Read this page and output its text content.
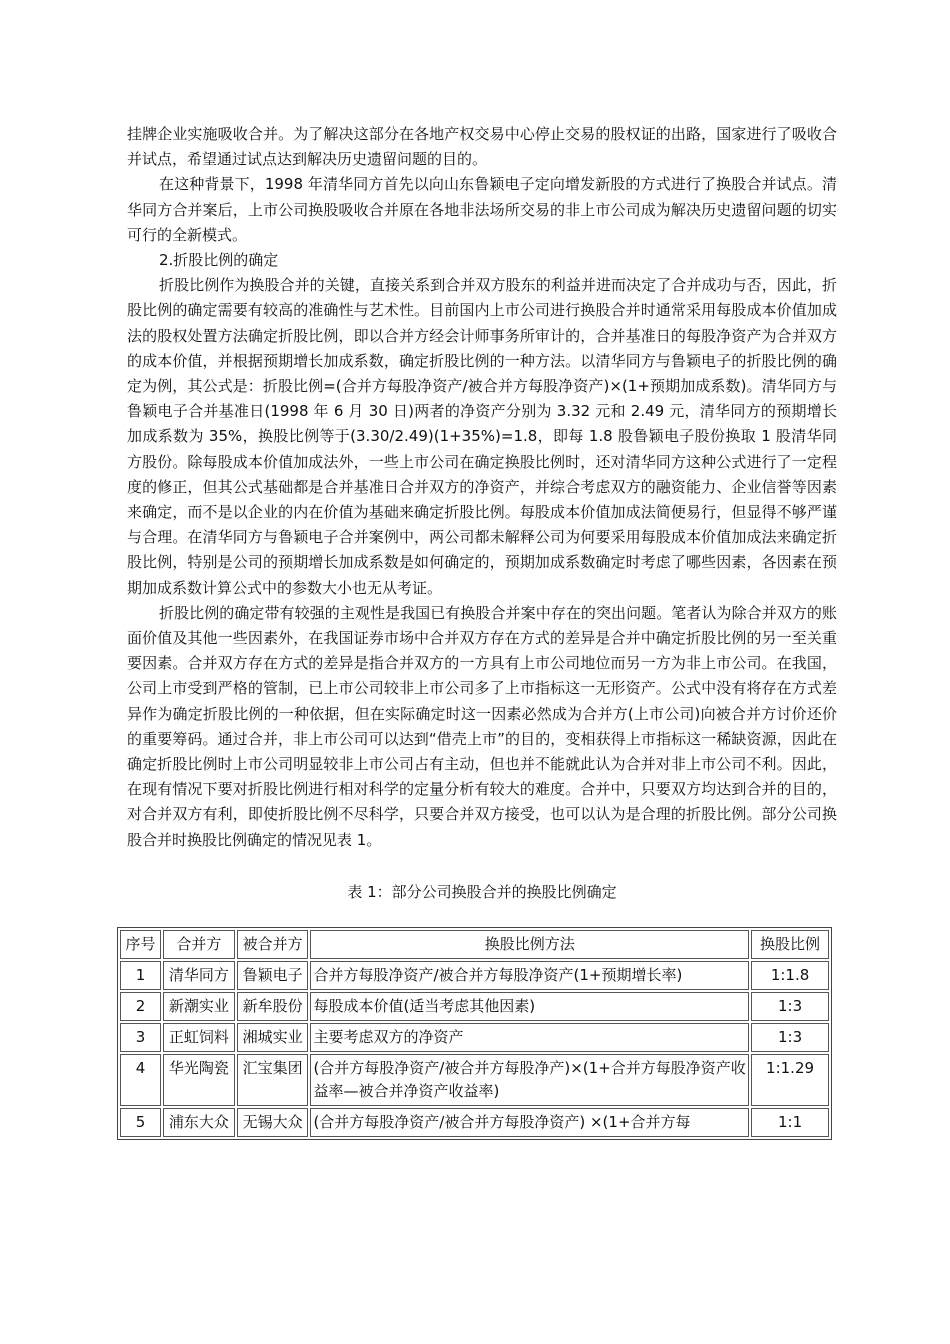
挂牌企业实施吸收合并。为了解决这部分在各地产权交易中心停止交易的股权证的出路，国家进行了吸收合并试点，希望通过试点达到解决历史遗留问题的目的。

在这种背景下，1998 年清华同方首先以向山东鲁颖电子定向增发新股的方式进行了换股合并试点。清华同方合并案后，上市公司换股吸收合并原在各地非法场所交易的非上市公司成为解决历史遗留问题的切实可行的全新模式。

2.折股比例的确定

折股比例作为换股合并的关键，直接关系到合并双方股东的利益并进而决定了合并成功与否，因此，折股比例的确定需要有较高的准确性与艺术性。目前国内上市公司进行换股合并时通常采用每股成本价值加成法的股权处置方法确定折股比例，即以合并方经会计师事务所审计的，合并基准日的每股净资产为合并双方的成本价值，并根据预期增长加成系数，确定折股比例的一种方法。以清华同方与鲁颖电子的折股比例的确定为例，其公式是：折股比例=(合并方每股净资产/被合并方每股净资产)×(1+预期加成系数)。清华同方与鲁颖电子合并基准日(1998 年 6 月 30 日)两者的净资产分别为 3.32 元和 2.49 元，清华同方的预期增长加成系数为 35%，换股比例等于(3.30/2.49)(1+35%)=1.8，即每 1.8 股鲁颖电子股份换取 1 股清华同方股份。除每股成本价值加成法外，一些上市公司在确定换股比例时，还对清华同方这种公式进行了一定程度的修正，但其公式基础都是合并基准日合并双方的净资产，并综合考虑双方的融资能力、企业信誉等因素来确定，而不是以企业的内在价值为基础来确定折股比例。每股成本价值加成法简便易行，但显得不够严谨与合理。在清华同方与鲁颖电子合并案例中，两公司都未解释公司为何要采用每股成本价值加成法来确定折股比例，特别是公司的预期增长加成系数是如何确定的，预期加成系数确定时考虑了哪些因素，各因素在预期加成系数计算公式中的参数大小也无从考证。

折股比例的确定带有较强的主观性是我国已有换股合并案中存在的突出问题。笔者认为除合并双方的账面价值及其他一些因素外，在我国证券市场中合并双方存在方式的差异是合并中确定折股比例的另一至关重要因素。合并双方存在方式的差异是指合并双方的一方具有上市公司地位而另一方为非上市公司。在我国，公司上市受到严格的管制，已上市公司较非上市公司多了上市指标这一无形资产。公式中没有将存在方式差异作为确定折股比例的一种依据，但在实际确定时这一因素必然成为合并方(上市公司)向被合并方讨价还价的重要筹码。通过合并，非上市公司可以达到“借壳上市”的目的，变相获得上市指标这一稀缺资源，因此在确定折股比例时上市公司明显较非上市公司占有主动，但也并不能就此认为合并对非上市公司不利。因此，在现有情况下要对折股比例进行相对科学的定量分析有较大的难度。合并中，只要双方均达到合并的目的，对合并双方有利，即使折股比例不尽科学，只要合并双方接受，也可以认为是合理的折股比例。部分公司换股合并时换股比例确定的情况见表 1。

表 1：部分公司换股合并的换股比例确定
序号	合并方	被合并方	换股比例方法	换股比例
1	清华同方	鲁颖电子	合并方每股净资产/被合并方每股净资产(1+预期增长率)	1:1.8
2	新潮实业	新牟股份	每股成本价值(适当考虑其他因素)	1:3
3	正虹饲料	湘城实业	主要考虑双方的净资产	1:3
4	华光陶瓷	汇宝集团	(合并方每股净资产/被合并方每股净产)×(1+合并方每股净资产收益率—被合并净资产收益率)	1:1.29
5	浦东大众	无锡大众	(合并方每股净资产/被合并方每股净资产) ×(1+合并方每	1:1
